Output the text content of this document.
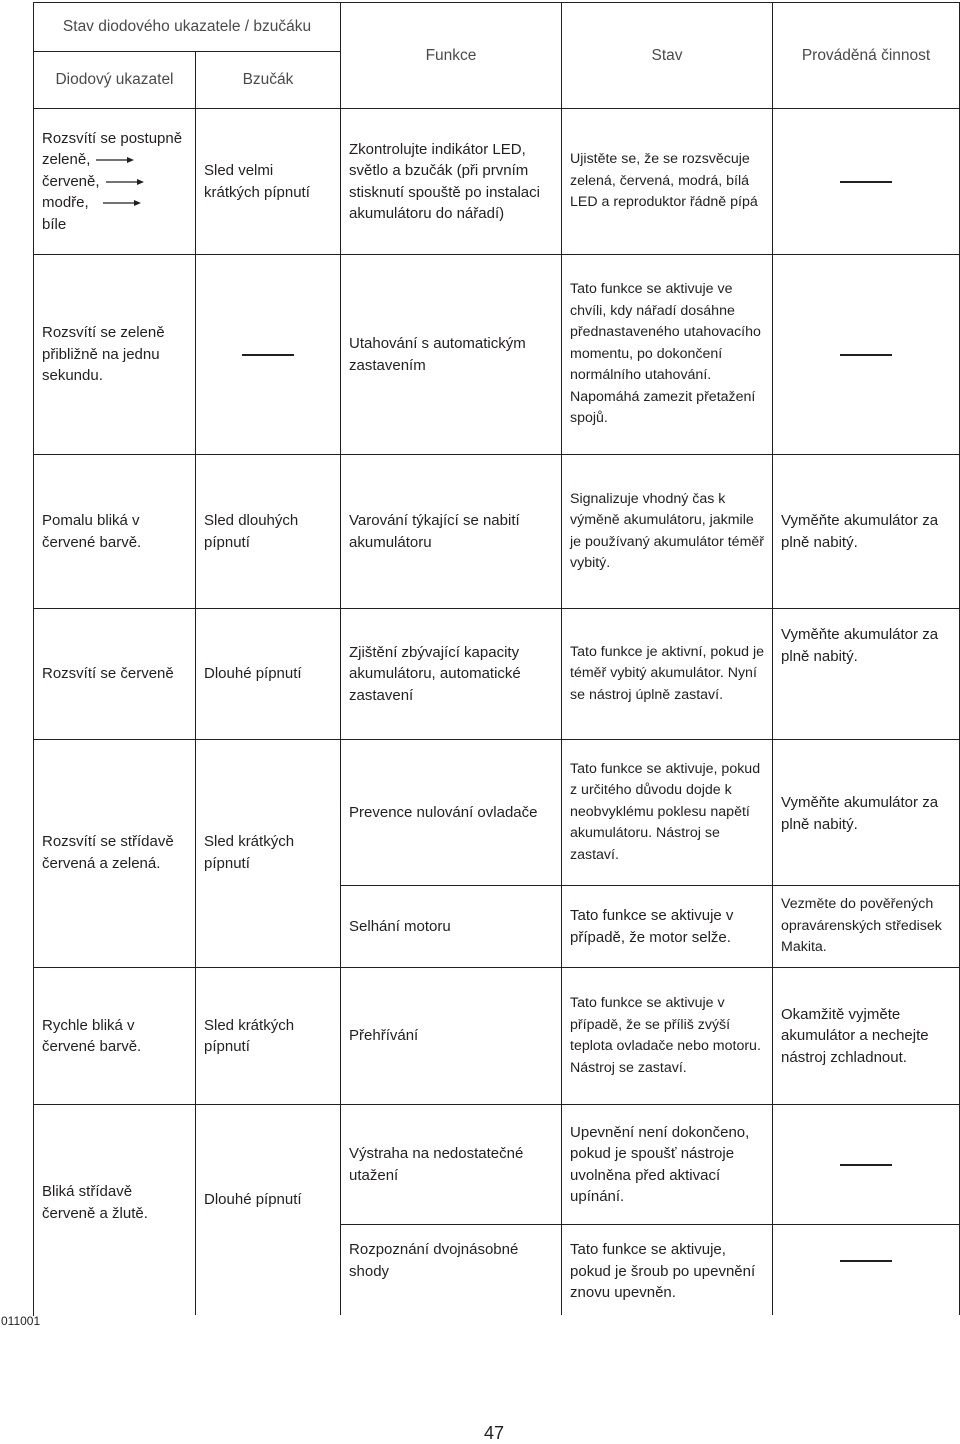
Stav diodového ukazatele / bzučáku		Funkce	Stav	Prováděná činnost
Diodový ukazatel	Bzučák			

Rozsvítí se postupně
zeleně,
červeně,
modře,
bíle	Sled velmi krátkých pípnutí	Zkontrolujte indikátor LED, světlo a bzučák (při prvním stisknutí spouště po instalaci akumulátoru do nářadí)	Ujistěte se, že se rozsvěcuje zelená, červená, modrá, bílá LED a reproduktor řádně pípá	
Rozsvítí se zeleně přibližně na jednu sekundu.		Utahování s automatickým zastavením	Tato funkce se aktivuje ve chvíli, kdy nářadí dosáhne přednastaveného utahovacího momentu, po dokončení normálního utahování. Napomáhá zamezit přetažení spojů.	
Pomalu bliká v červené barvě.	Sled dlouhých pípnutí	Varování týkající se nabití akumulátoru	Signalizuje vhodný čas k výměně akumulátoru, jakmile je používaný akumulátor téměř vybitý.	Vyměňte akumulátor za plně nabitý.
Rozsvítí se červeně	Dlouhé pípnutí	Zjištění zbývající kapacity akumulátoru, automatické zastavení	Tato funkce je aktivní, pokud je téměř vybitý akumulátor. Nyní se nástroj úplně zastaví.	Vyměňte akumulátor za plně nabitý.
Rozsvítí se střídavě červená a zelená.	Sled krátkých pípnutí	Prevence nulování ovladače	Tato funkce se aktivuje, pokud z určitého důvodu dojde k neobvyklému poklesu napětí akumulátoru. Nástroj se zastaví.	Vyměňte akumulátor za plně nabitý.
		Selhání motoru	Tato funkce se aktivuje v případě, že motor selže.	Vezměte do pověřených opravárenských středisek Makita.
Rychle bliká v červené barvě.	Sled krátkých pípnutí	Přehřívání	Tato funkce se aktivuje v případě, že se příliš zvýší teplota ovladače nebo motoru. Nástroj se zastaví.	Okamžitě vyjměte akumulátor a nechejte nástroj zchladnout.
Bliká střídavě červeně a žlutě.	Dlouhé pípnutí	Výstraha na nedostatečné utažení	Upevnění není dokončeno, pokud je spoušť nástroje uvolněna před aktivací upínání.	
		Rozpoznání dvojnásobné shody	Tato funkce se aktivuje, pokud je šroub po upevnění znovu upevněn.	
011001
47
